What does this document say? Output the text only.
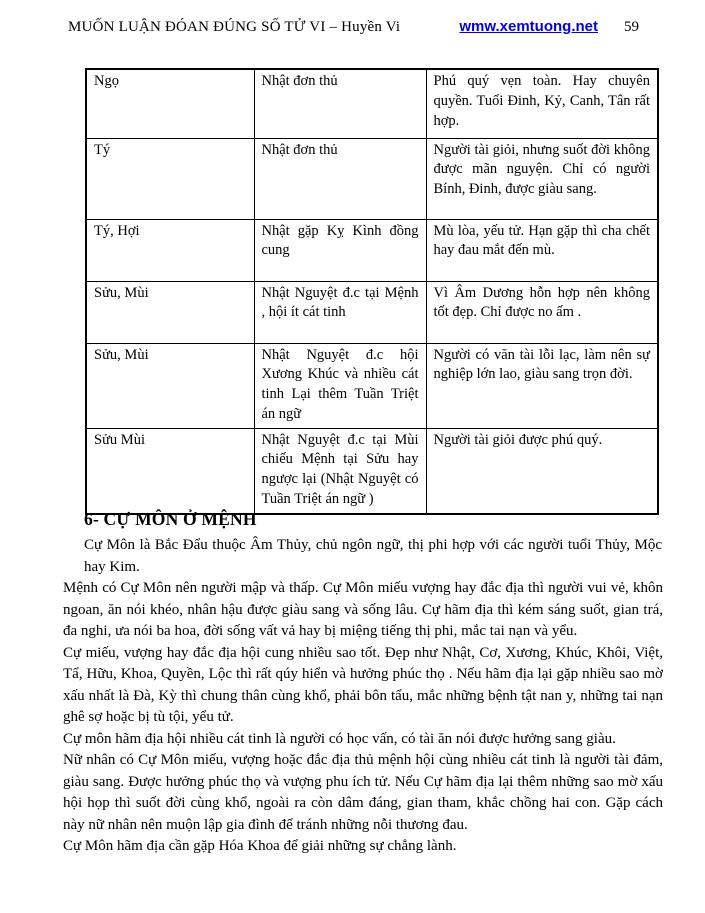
MUỐN LUẬN ĐÓAN ĐÚNG SỐ TỬ VI – Huyền Vi	wmw.xemtuong.net 59
Ngọ	Nhật đơn thủ	Phú quý vẹn toàn. Hay chuyên quyền. Tuổi Đinh, Kỷ, Canh, Tân rất hợp.
Tý	Nhật đơn thủ	Người tài giỏi, nhưng suốt đời không được mãn nguyện. Chỉ có người Bính, Đinh, được giàu sang.
Tý, Hợi	Nhật gặp Kỵ Kình đồng cung	Mù lòa, yếu tử. Hạn gặp thì cha chết hay đau mắt đến mù.
Sửu, Mùi	Nhật Nguyệt đ.c tại Mệnh , hội ít cát tinh	Vì Âm Dương hỗn hợp nên không tốt đẹp. Chỉ được no ấm .
Sửu, Mùi	Nhật Nguyệt đ.c hội Xương Khúc và nhiều cát tinh Lại thêm Tuần Triệt án ngữ	Người có văn tài lỗi lạc, làm nên sự nghiệp lớn lao, giàu sang trọn đời.
Sửu Mùi	Nhật Nguyệt đ.c tại Mùi chiếu Mệnh tại Sửu hay ngược lại (Nhật Nguyệt có Tuần Triệt án ngữ )	Người tài giỏi được phú quý.
6- CỰ MÔN Ở MỆNH
Cự Môn là Bắc Đẩu thuộc Âm Thủy, chủ ngôn ngữ, thị phi hợp với các người tuổi Thủy, Mộc hay Kim.

Mệnh có Cự Môn nên người mập và thấp. Cự Môn miếu vượng hay đắc địa thì người vui vẻ, khôn ngoan, ăn nói khéo, nhân hậu được giàu sang và sống lâu. Cự hãm địa thì kém sáng suốt, gian trá, đa nghi, ưa nói ba hoa, đời sống vất vả hay bị miệng tiếng thị phi, mắc tai nạn và yểu.

Cự miếu, vượng hay đắc địa hội cung nhiều sao tốt. Đẹp như Nhật, Cơ, Xương, Khúc, Khôi, Việt, Tẩ, Hữu, Khoa, Quyền, Lộc thì rất qúy hiển và hưởng phúc thọ . Nếu hãm địa lại gặp nhiều sao mờ xấu nhất là Đà, Kỳ thì chung thân cùng khổ, phải bôn tẩu, mắc những bệnh tật nan y, những tai nạn ghê sợ hoặc bị tù tội, yểu tử.

Cự môn hãm địa hội nhiều cát tinh là người có học vấn, có tài ăn nói được hưởng sang giàu.

Nữ nhân có Cự Môn miếu, vượng hoặc đắc địa thủ mệnh hội cùng nhiều cát tinh là người tài đảm, giàu sang. Được hưởng phúc thọ và vượng phu ích tử. Nếu Cự hãm địa lại thêm những sao mờ xấu hội họp thì suốt đời cùng khổ, ngoài ra còn dâm đáng, gian tham, khắc chồng hai con. Gặp cách này nữ nhân nên muộn lập gia đình để tránh những nỗi thương đau.

Cự Môn hãm địa cần gặp Hóa Khoa để giải những sự chẳng lành.
